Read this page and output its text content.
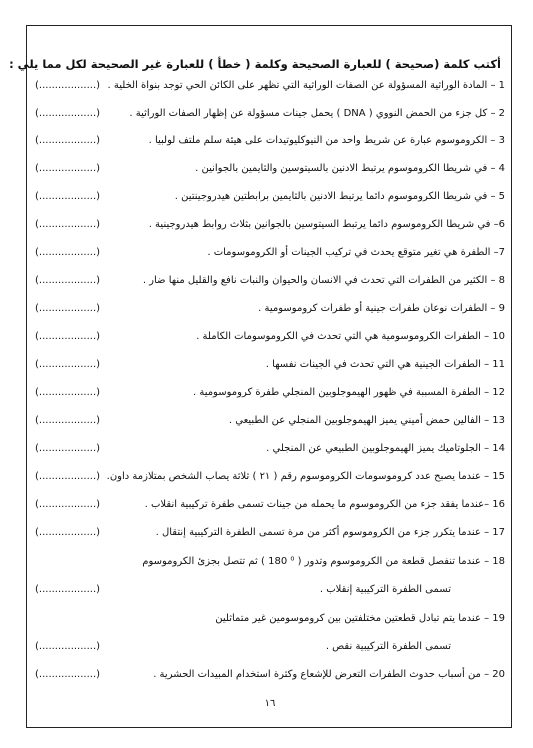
أكتب كلمة (صحيحة ) للعبارة الصحيحة وكلمة ( خطأ ) للعبارة غير الصحيحة لكل مما يلي :
1 – المادة الوراثية المسؤولة عن الصفات الوراثية التي تظهر على الكائن الحي توجد بنواة الخلية .
(..................)
2 – كل جزء من الحمض النووي ( DNA ) يحمل جينات مسؤولة عن إظهار الصفات الوراثية .
(..................)
3 – الكروموسوم عبارة عن شريط واحد من النيوكليوتيدات على هيئة سلم ملتف لولبيا .
(..................)
4 – في شريطا الكروموسوم يرتبط الادنين بالسيتوسين والثايمين بالجوانين .
(..................)
5 – في شريطا الكروموسوم دائما يرتبط الادنين بالثايمين برابطتين هيدروجينتين .
(..................)
6– في شريطا الكروموسوم دائما يرتبط السيتوسين بالجوانين بثلاث روابط هيدروجينية .
(..................)
7– الطفرة هي تغير متوقع يحدث في تركيب الجينات أو الكروموسومات .
(..................)
8 – الكثير من الطفرات التي تحدث في الانسان والحيوان والنبات نافع والقليل منها ضار .
(..................)
9 – الطفرات نوعان طفرات جينية أو طفرات كروموسومية .
(..................)
10 – الطفرات الكروموسومية هي التي تحدث في الكروموسومات الكاملة .
(..................)
11 – الطفرات الجينية هي التي تحدث في الجينات نفسها .
(..................)
12 – الطفرة المسببة في ظهور الهيموجلوبين المنجلي طفرة كروموسومية .
(..................)
13 – الفالين حمض أميني يميز الهيموجلوبين المنجلي عن الطبيعي .
(..................)
14 – الجلوتاميك يميز الهيموجلوبين الطبيعي عن المنجلي .
(..................)
15 – عندما يصبح عدد كروموسومات الكروموسوم رقم ( ٢١ ) ثلاثة يصاب الشخص بمتلازمة داون.
(..................)
16 –عندما يفقد جزء من الكروموسوم ما يحمله من جينات تسمى طفرة تركيبية انقلاب .
(..................)
17 – عندما يتكرر جزء من الكروموسوم أكثر من مرة تسمى الطفرة التركيبية إنتقال .
(..................)
18 – عندما تنفصل قطعة من الكروموسوم وتدور ( ⁰ 180 ) ثم تتصل بجزئ الكروموسوم
تسمى الطفرة التركيبية إنقلاب .
(..................)
19 – عندما يتم تبادل قطعتين مختلفتين بين كروموسومين غير متماثلين
تسمى الطفرة التركيبية نقص .
(..................)
20 – من أسباب حدوث الطفرات التعرض للإشعاع وكثرة استخدام المبيدات الحشرية .
(..................)
١٦
